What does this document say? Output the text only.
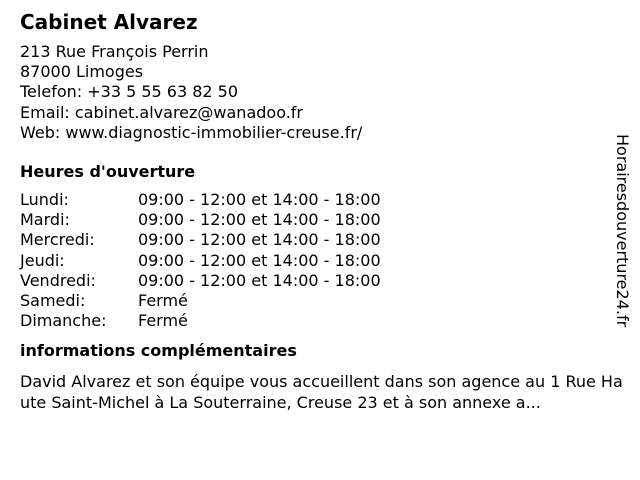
Cabinet Alvarez
213 Rue François Perrin
87000 Limoges
Telefon: +33 5 55 63 82 50
Email: cabinet.alvarez@wanadoo.fr
Web: www.diagnostic-immobilier-creuse.fr/
Heures d'ouverture
Lundi:	09:00 - 12:00 et 14:00 - 18:00
Mardi:	09:00 - 12:00 et 14:00 - 18:00
Mercredi:	09:00 - 12:00 et 14:00 - 18:00
Jeudi:	09:00 - 12:00 et 14:00 - 18:00
Vendredi:	09:00 - 12:00 et 14:00 - 18:00
Samedi:	Fermé
Dimanche:	Fermé
informations complémentaires

David Alvarez et son équipe vous accueillent dans son agence au 1 Rue Haute Saint-Michel à La Souterraine, Creuse 23 et à son annexe a...

Horairesdouverture24.fr
